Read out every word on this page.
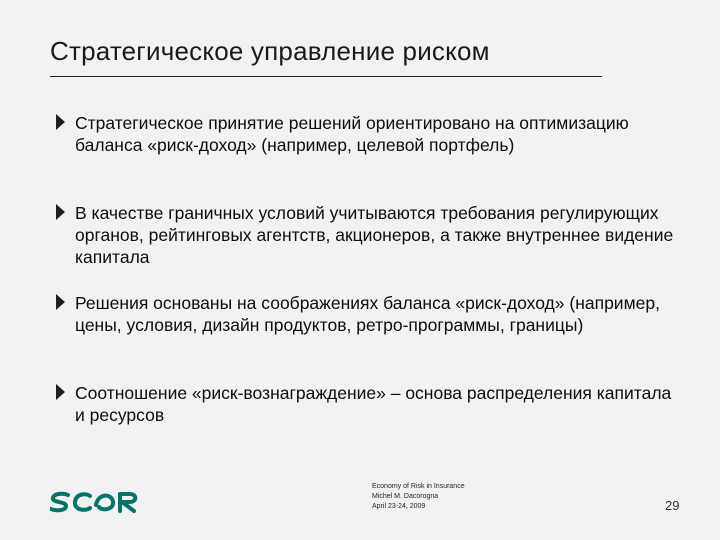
Стратегическое управление риском
Стратегическое принятие решений ориентировано на оптимизацию баланса «риск-доход» (например, целевой портфель)
В качестве граничных условий учитываются требования регулирующих органов, рейтинговых агентств, акционеров, а также внутреннее видение капитала
Решения основаны на соображениях баланса «риск-доход» (например, цены, условия, дизайн продуктов, ретро-программы, границы)
Соотношение «риск-вознаграждение» – основа распределения капитала и ресурсов
Economy of Risk in Insurance
Michel M. Dacorogna
April 23-24, 2009	29
